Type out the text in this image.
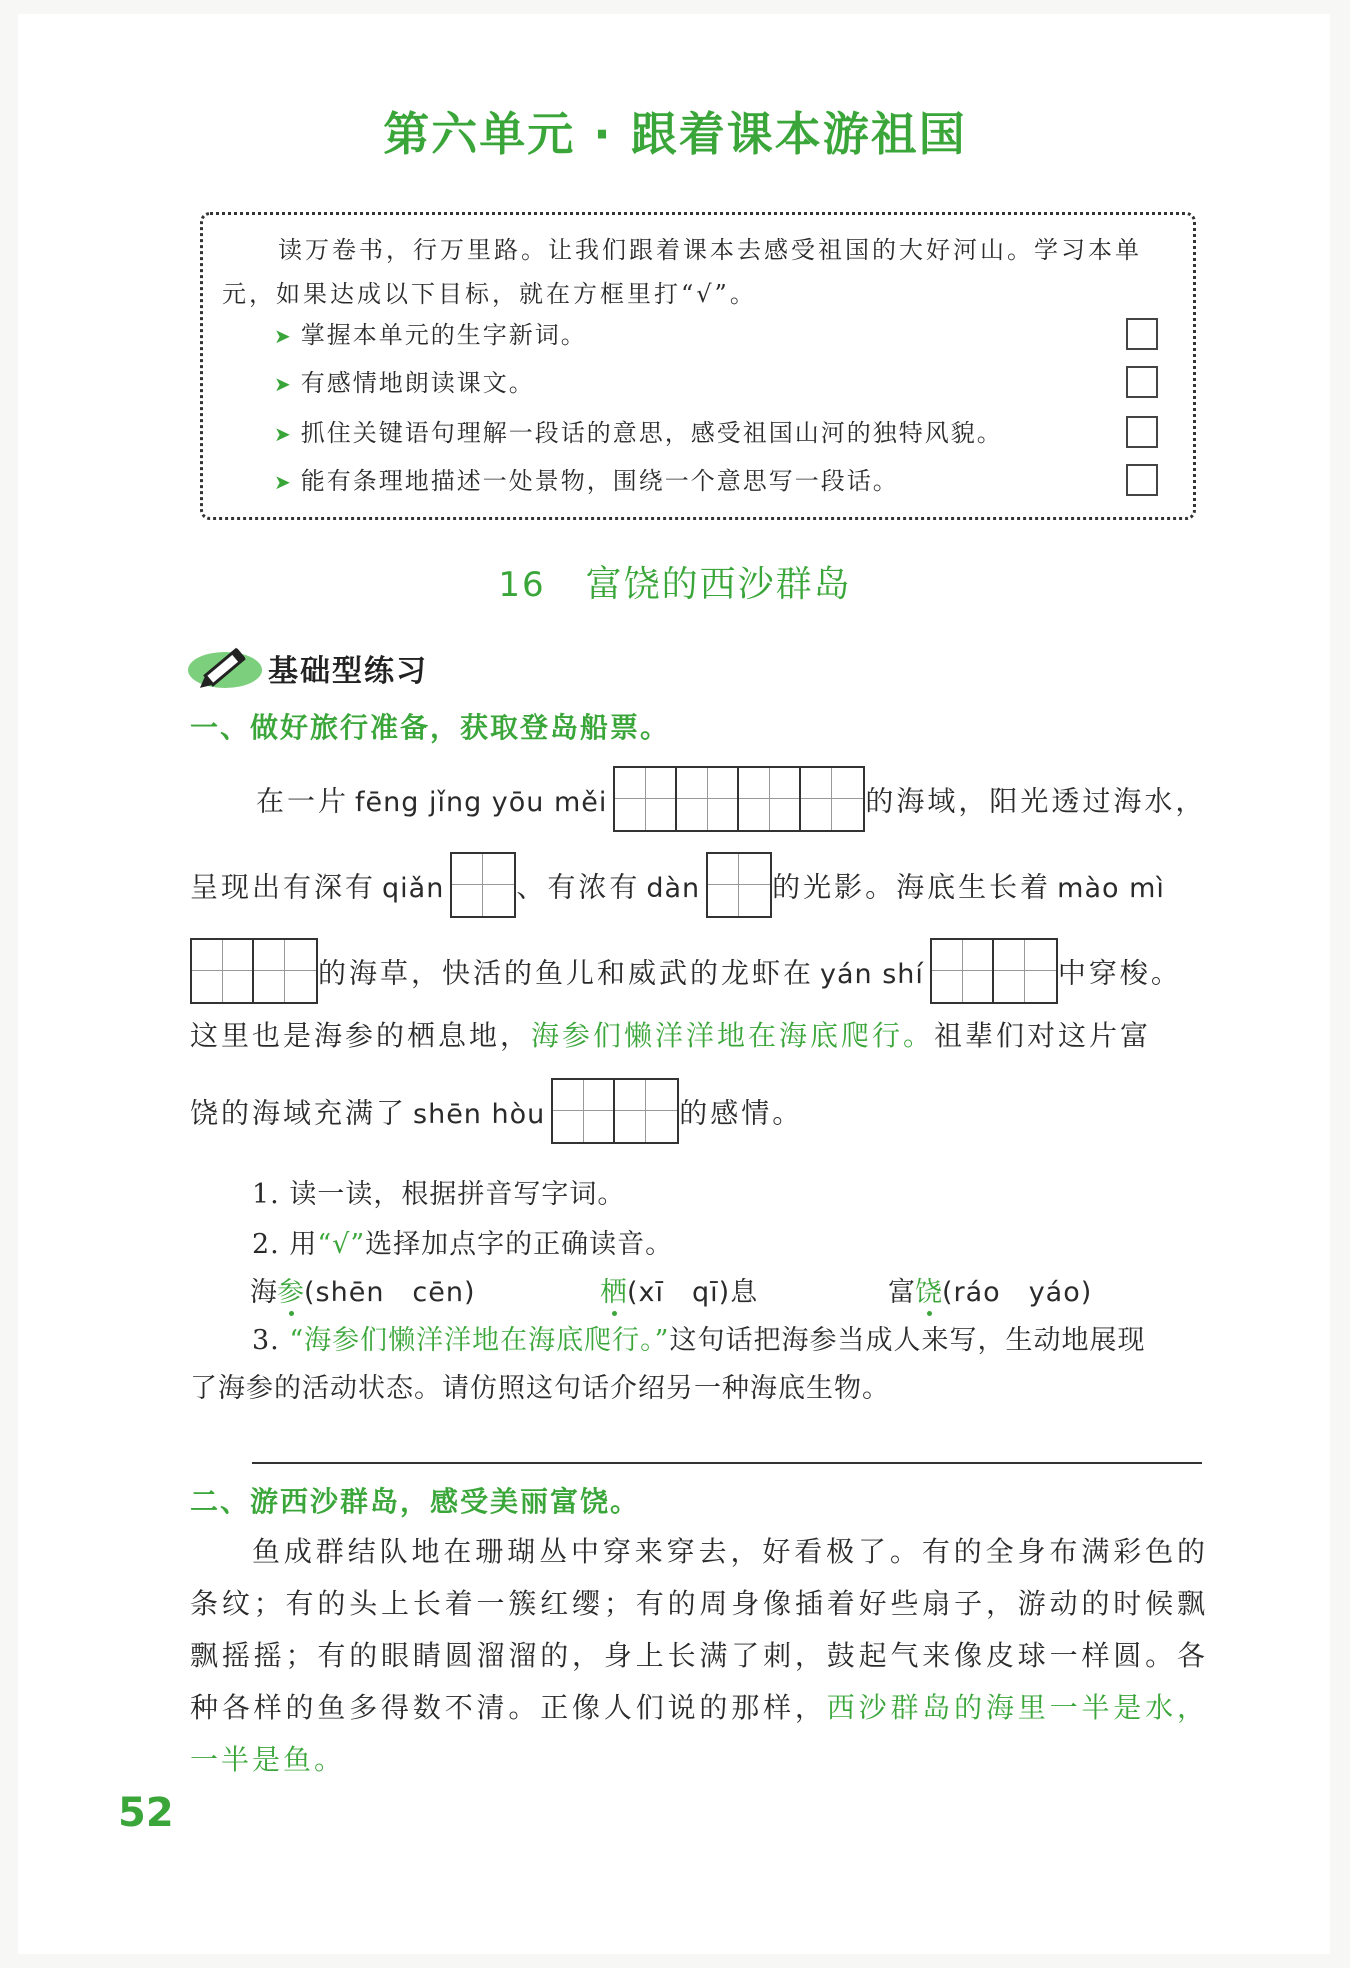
第六单元 · 跟着课本游祖国
读万卷书，行万里路。让我们跟着课本去感受祖国的大好河山。学习本单元，如果达成以下目标，就在方框里打“√”。
➤ 掌握本单元的生字新词。
➤ 有感情地朗读课文。
➤ 抓住关键语句理解一段话的意思，感受祖国山河的独特风貌。
➤ 能有条理地描述一处景物，围绕一个意思写一段话。
16 富饶的西沙群岛
基础型练习
一、做好旅行准备，获取登岛船票。
在一片 fēng jǐng yōu měi	的海域，阳光透过海水，
呈现出有深有 qiǎn	、有浓有 dàn	的光影。海底生长着 mào mì
的海草，快活的鱼儿和威武的龙虾在 yán shí	中穿梭。
这里也是海参的栖息地，海参们懒洋洋地在海底爬行。祖辈们对这片富
饶的海域充满了 shēn hòu	的感情。
1. 读一读，根据拼音写字词。
2. 用“√”选择加点字的正确读音。
海参(shēn　cēn)	栖(xī　qī)息	富饶(ráo　yáo)
3. “海参们懒洋洋地在海底爬行。”这句话把海参当成人来写，生动地展现
了海参的活动状态。请仿照这句话介绍另一种海底生物。
二、游西沙群岛，感受美丽富饶。
鱼成群结队地在珊瑚丛中穿来穿去，好看极了。有的全身布满彩色的条纹；有的头上长着一簇红缨；有的周身像插着好些扇子，游动的时候飘飘摇摇；有的眼睛圆溜溜的，身上长满了刺，鼓起气来像皮球一样圆。各种各样的鱼多得数不清。正像人们说的那样，西沙群岛的海里一半是水，一半是鱼。
52
